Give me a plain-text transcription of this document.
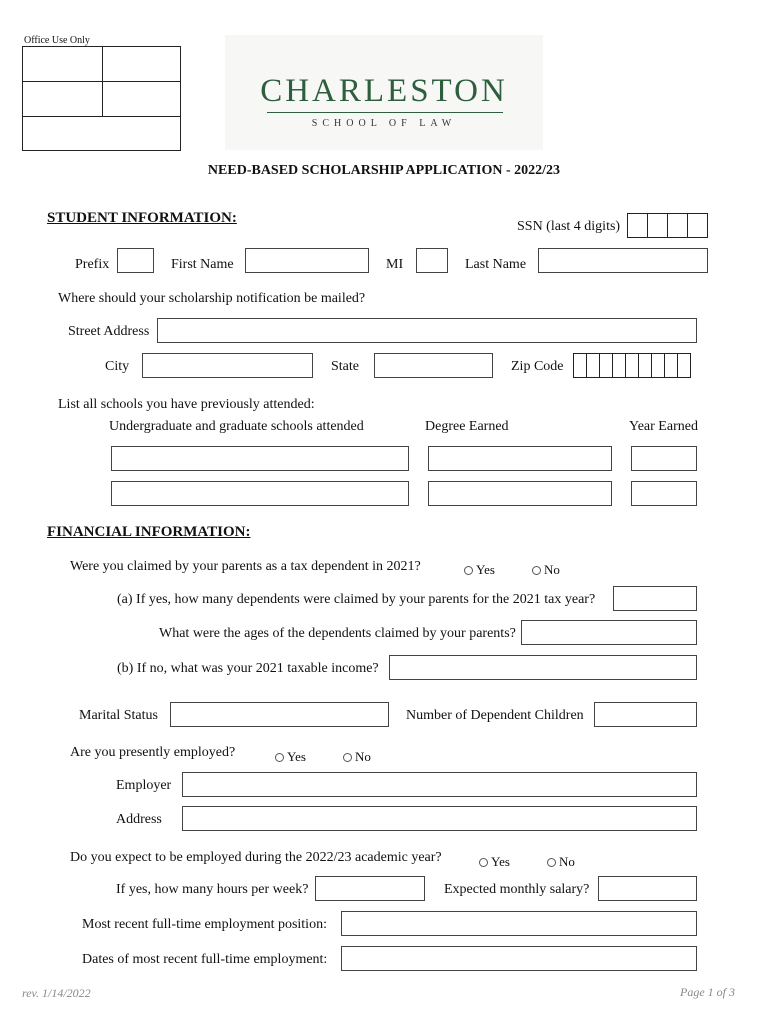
Office Use Only
CHARLESTON
SCHOOL OF LAW
NEED-BASED SCHOLARSHIP APPLICATION - 2022/23
STUDENT INFORMATION:
SSN (last 4 digits)
Prefix	First Name	MI	Last Name
Where should your scholarship notification be mailed?
Street Address
City	State	Zip Code
List all schools you have previously attended:
Undergraduate and graduate schools attended	Degree Earned	Year Earned
FINANCIAL INFORMATION:
Were you claimed by your parents as a tax dependent in 2021?	Yes	No
(a) If yes, how many dependents were claimed by your parents for the 2021 tax year?
What were the ages of the dependents claimed by your parents?
(b) If no, what was your 2021 taxable income?
Marital Status	Number of Dependent Children
Are you presently employed?	Yes	No
Employer
Address
Do you expect to be employed during the 2022/23 academic year?	Yes	No
If yes, how many hours per week?	Expected monthly salary?
Most recent full-time employment position:
Dates of most recent full-time employment:
rev. 1/14/2022	Page 1 of 3
